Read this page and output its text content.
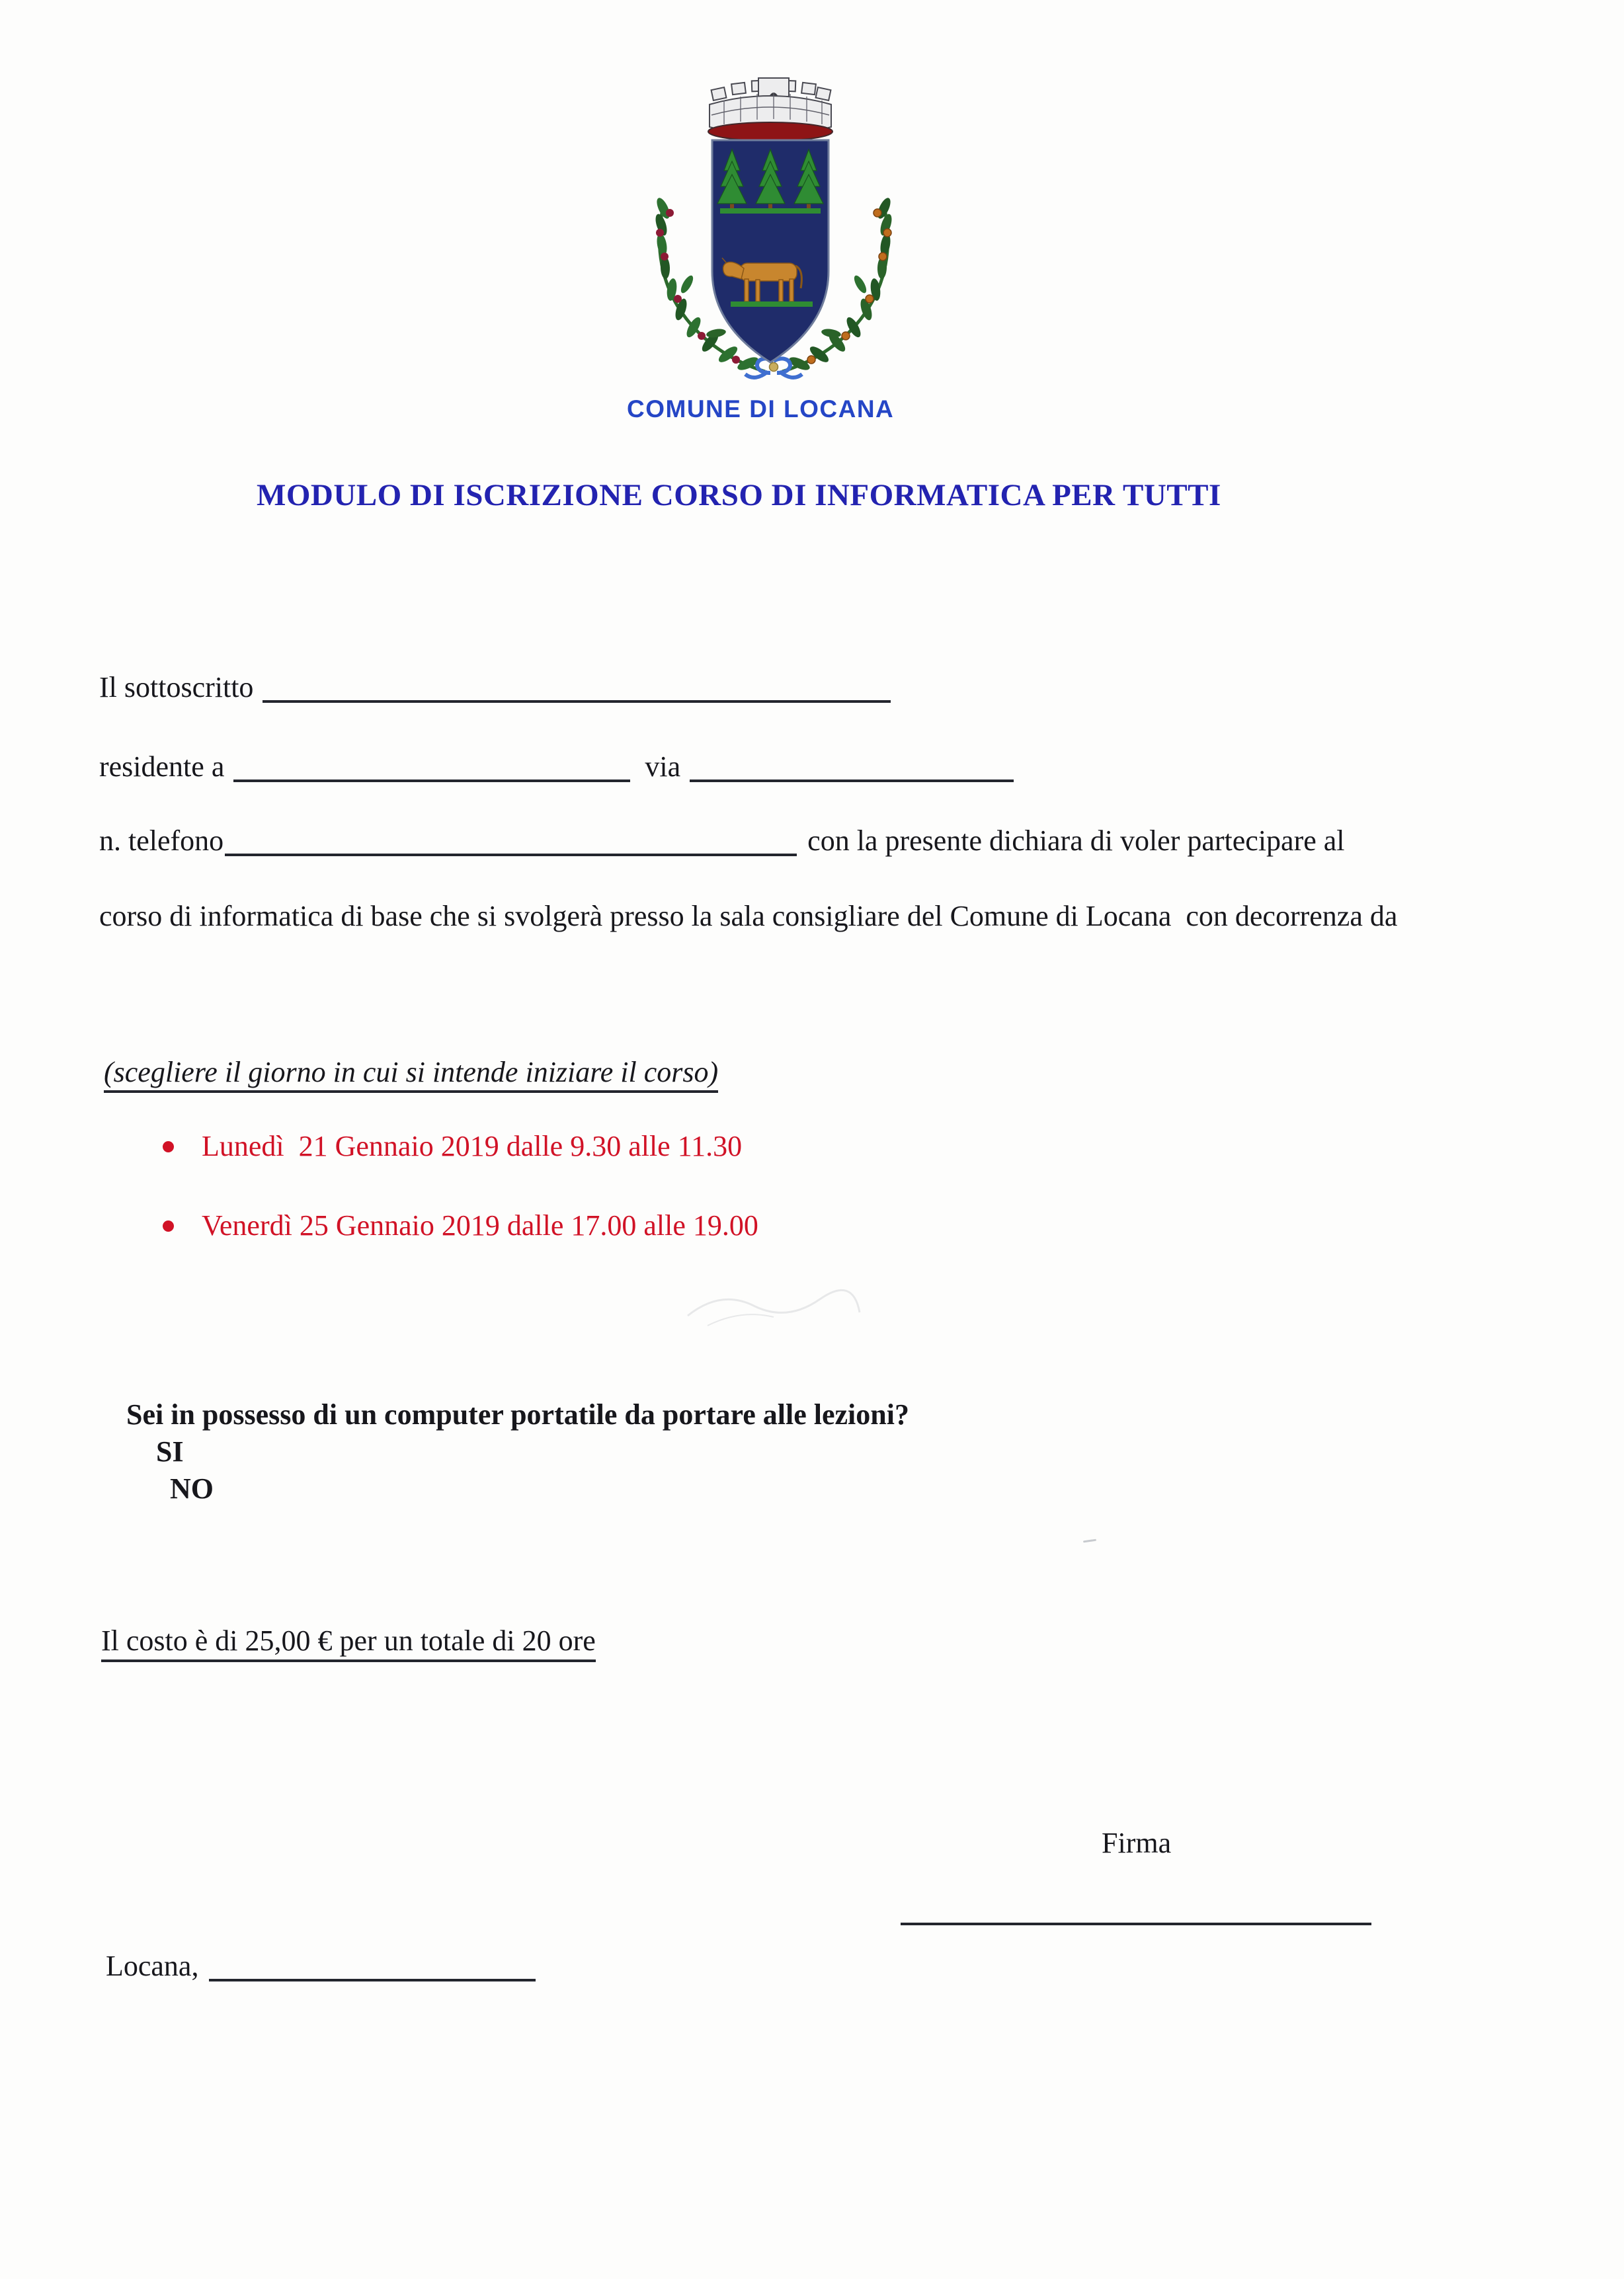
COMUNE DI LOCANA
MODULO DI ISCRIZIONE CORSO DI INFORMATICA PER TUTTI
Il sottoscritto
residente a	via
n. telefono	con la presente dichiara di voler partecipare al
corso di informatica di base che si svolgerà presso la sala consigliare del Comune di Locana  con decorrenza da
(scegliere il giorno in cui si intende iniziare il corso)
Lunedì  21 Gennaio 2019 dalle 9.30 alle 11.30
Venerdì 25 Gennaio 2019 dalle 17.00 alle 19.00

Sei in possesso di un computer portatile da portare alle lezioni?
SI
NO

Il costo è di 25,00 € per un totale di 20 ore
Firma
Locana,
